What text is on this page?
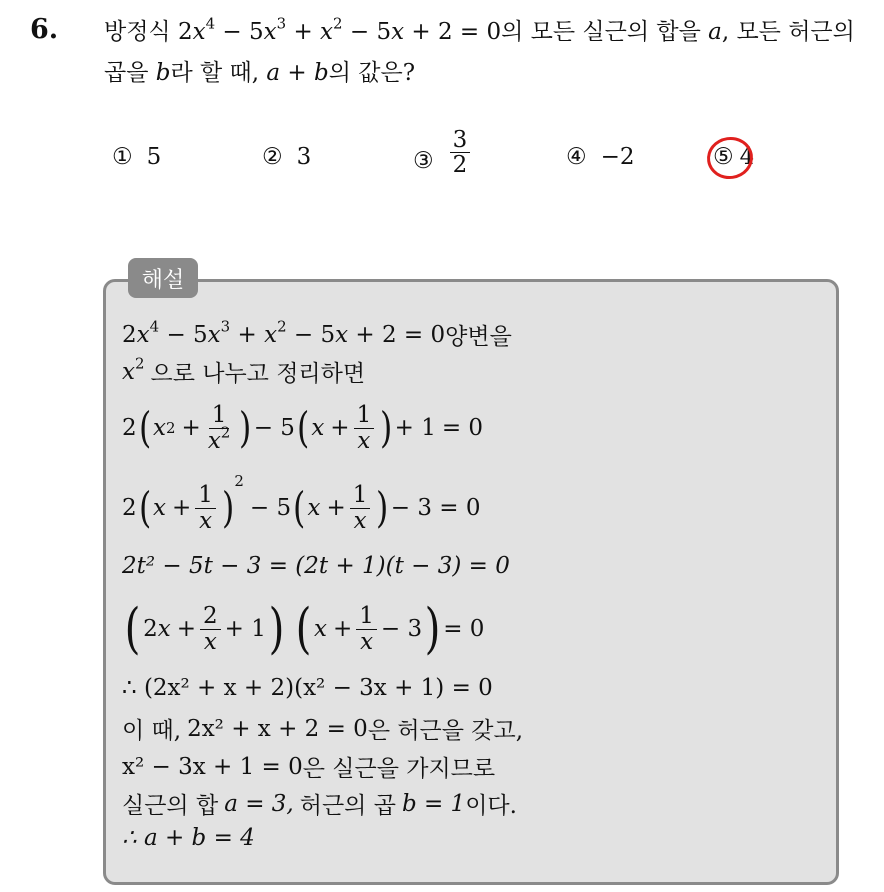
6. 방정식 $2x^4 - 5x^3 + x^2 - 5x + 2 = 0$의 모든 실근의 합을 a, 모든 허근의
곱을 b라 할 때, a + b의 값은?
① 5	② 3	③ $\frac{3}{2}$	④ −2	⑤ 4
해설
$2x^4 - 5x^3 + x^2 - 5x + 2 = 0$ 양변을
$x^2$ 으로 나누고 정리하면
2 ( x $2 + \frac{1}{x^2}$ ) − 5 ( $x + \frac{1}{x}$ ) + 1 = 0
2 ( $x + \frac{1}{x}$ )
2
− 5 ( $x + \frac{1}{x}$ ) − 3 = 0
2t² − 5t − 3 = (2t + 1)(t − 3) = 0
( 2 $x + \frac{2}{x} + 1$ ) ( $x + \frac{1}{x} - 3$ ) = 0
∴ (2x² + x + 2)(x² − 3x + 1) = 0
이 때, 2x² + x + 2 = 0 은 허근을 갖고,
x² − 3x + 1 = 0 은 실근을 가지므로
실근의 합 a = 3, 허근의 곱 b = 1 이다.
∴ a + b = 4
